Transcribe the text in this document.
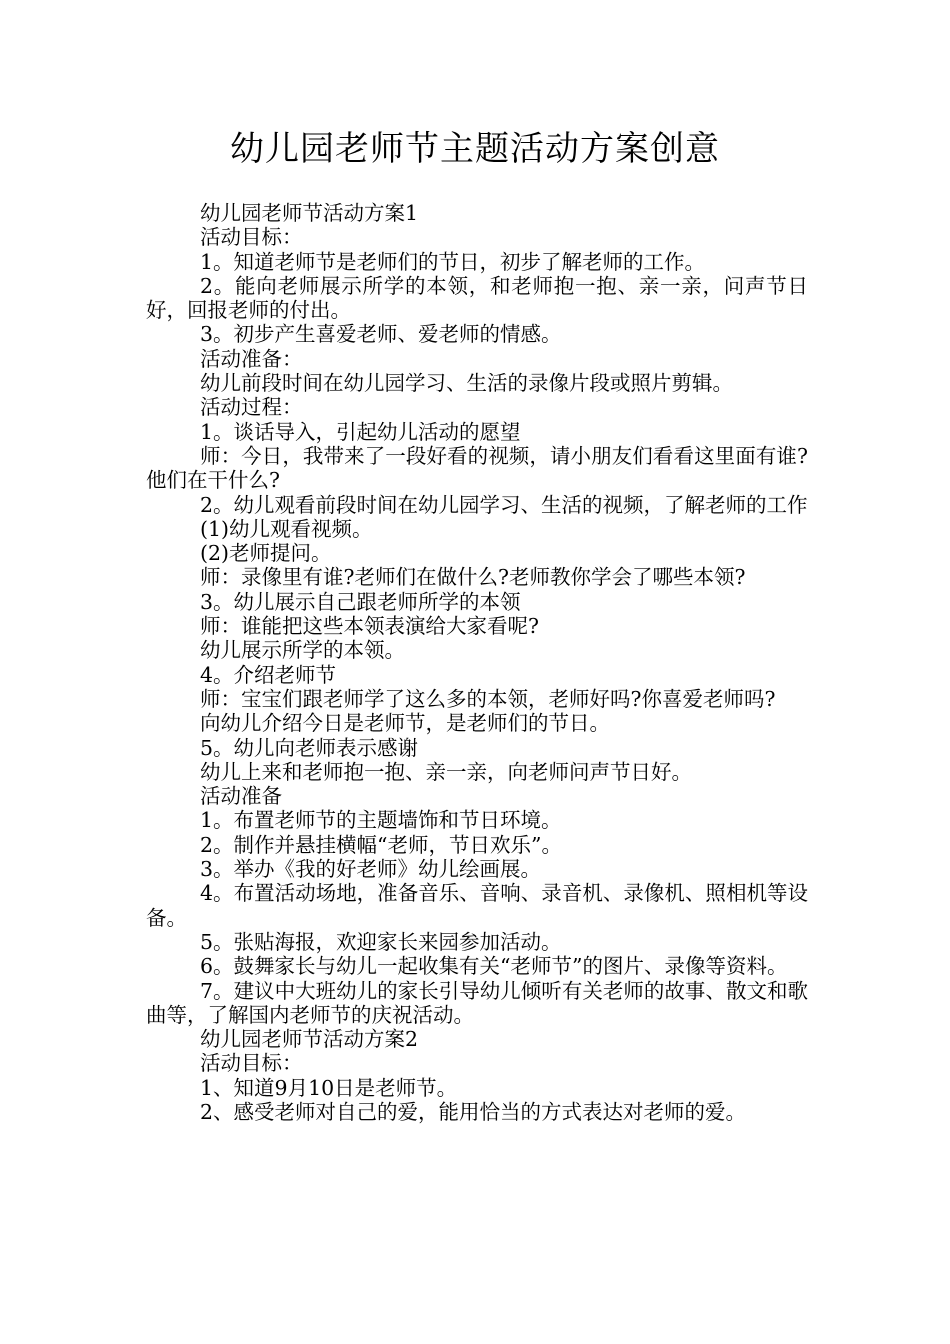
幼儿园老师节主题活动方案创意

幼儿园老师节活动方案1

活动目标：

1。知道老师节是老师们的节日，初步了解老师的工作。

2。能向老师展示所学的本领，和老师抱一抱、亲一亲，问声节日好，回报老师的付出。

3。初步产生喜爱老师、爱老师的情感。

活动准备：

幼儿前段时间在幼儿园学习、生活的录像片段或照片剪辑。

活动过程：

1。谈话导入，引起幼儿活动的愿望

师：今日，我带来了一段好看的视频，请小朋友们看看这里面有谁?他们在干什么?

2。幼儿观看前段时间在幼儿园学习、生活的视频，了解老师的工作

(1)幼儿观看视频。

(2)老师提问。

师：录像里有谁?老师们在做什么?老师教你学会了哪些本领?

3。幼儿展示自己跟老师所学的本领

师：谁能把这些本领表演给大家看呢?

幼儿展示所学的本领。

4。介绍老师节

师：宝宝们跟老师学了这么多的本领，老师好吗?你喜爱老师吗?

向幼儿介绍今日是老师节，是老师们的节日。

5。幼儿向老师表示感谢

幼儿上来和老师抱一抱、亲一亲，向老师问声节日好。

活动准备

1。布置老师节的主题墙饰和节日环境。

2。制作并悬挂横幅“老师，节日欢乐”。

3。举办《我的好老师》幼儿绘画展。

4。布置活动场地，准备音乐、音响、录音机、录像机、照相机等设备。

5。张贴海报，欢迎家长来园参加活动。

6。鼓舞家长与幼儿一起收集有关“老师节”的图片、录像等资料。

7。建议中大班幼儿的家长引导幼儿倾听有关老师的故事、散文和歌曲等，了解国内老师节的庆祝活动。

幼儿园老师节活动方案2

活动目标：

1、知道9月10日是老师节。

2、感受老师对自己的爱，能用恰当的方式表达对老师的爱。
